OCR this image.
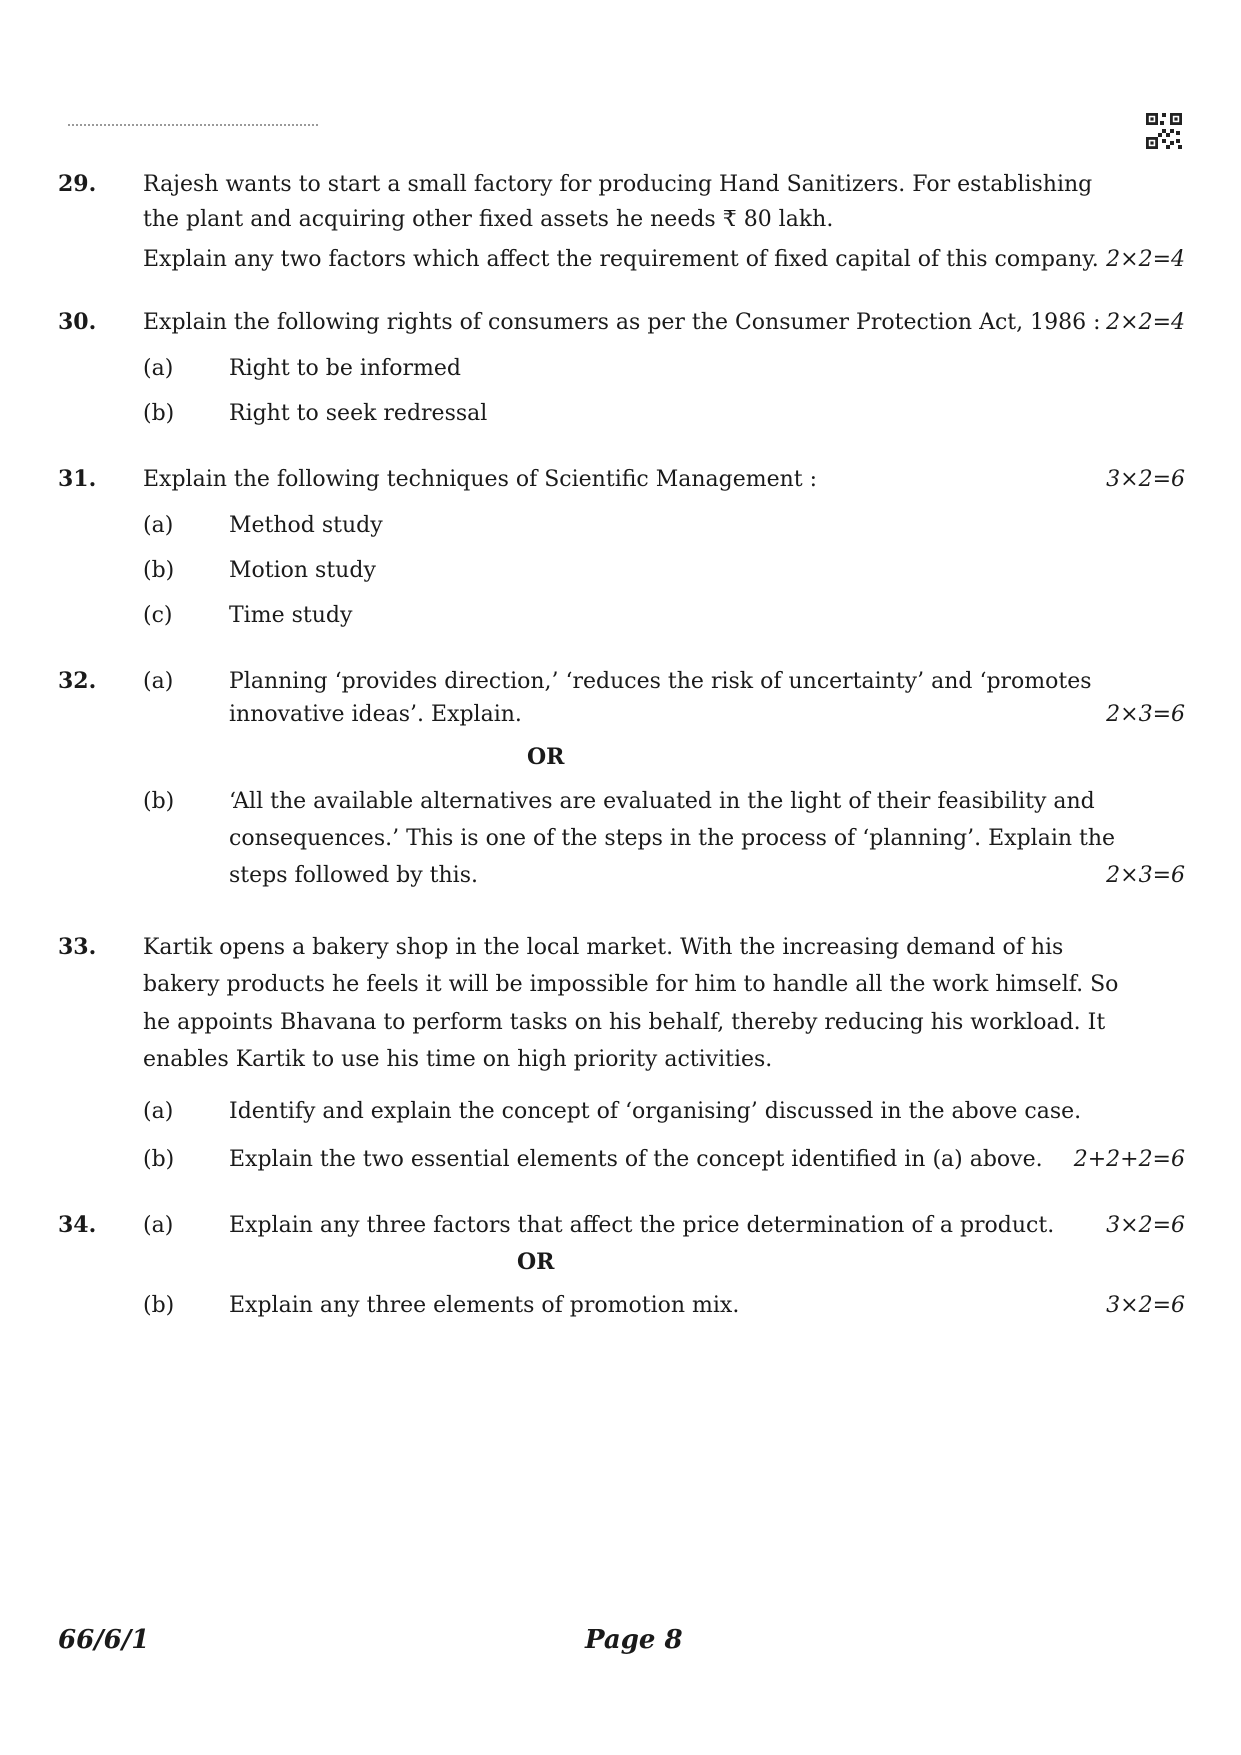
29. Rajesh wants to start a small factory for producing Hand Sanitizers. For establishing
the plant and acquiring other fixed assets he needs ₹ 80 lakh.
Explain any two factors which affect the requirement of fixed capital of this company. 2×2=4
30. Explain the following rights of consumers as per the Consumer Protection Act, 1986 : 2×2=4
(a)	Right to be informed
(b) Right to seek redressal
31. Explain the following techniques of Scientific Management :	3×2=6
(a)	Method study
(b) Motion study
(c)	Time study
32. (a)	Planning ‘provides direction,’ ‘reduces the risk of uncertainty’ and ‘promotes
innovative ideas’. Explain.	2×3=6
OR
(b) ‘All the available alternatives are evaluated in the light of their feasibility and
consequences.’ This is one of the steps in the process of ‘planning’. Explain the
steps followed by this.	2×3=6
33. Kartik opens a bakery shop in the local market. With the increasing demand of his
bakery products he feels it will be impossible for him to handle all the work himself. So
he appoints Bhavana to perform tasks on his behalf, thereby reducing his workload. It
enables Kartik to use his time on high priority activities.
(a)	Identify and explain the concept of ‘organising’ discussed in the above case.
(b) Explain the two essential elements of the concept identified in (a) above.	2+2+2=6
34. (a)	Explain any three factors that affect the price determination of a product.	3×2=6
OR
(b) Explain any three elements of promotion mix.	3×2=6
66/6/1	Page 8
